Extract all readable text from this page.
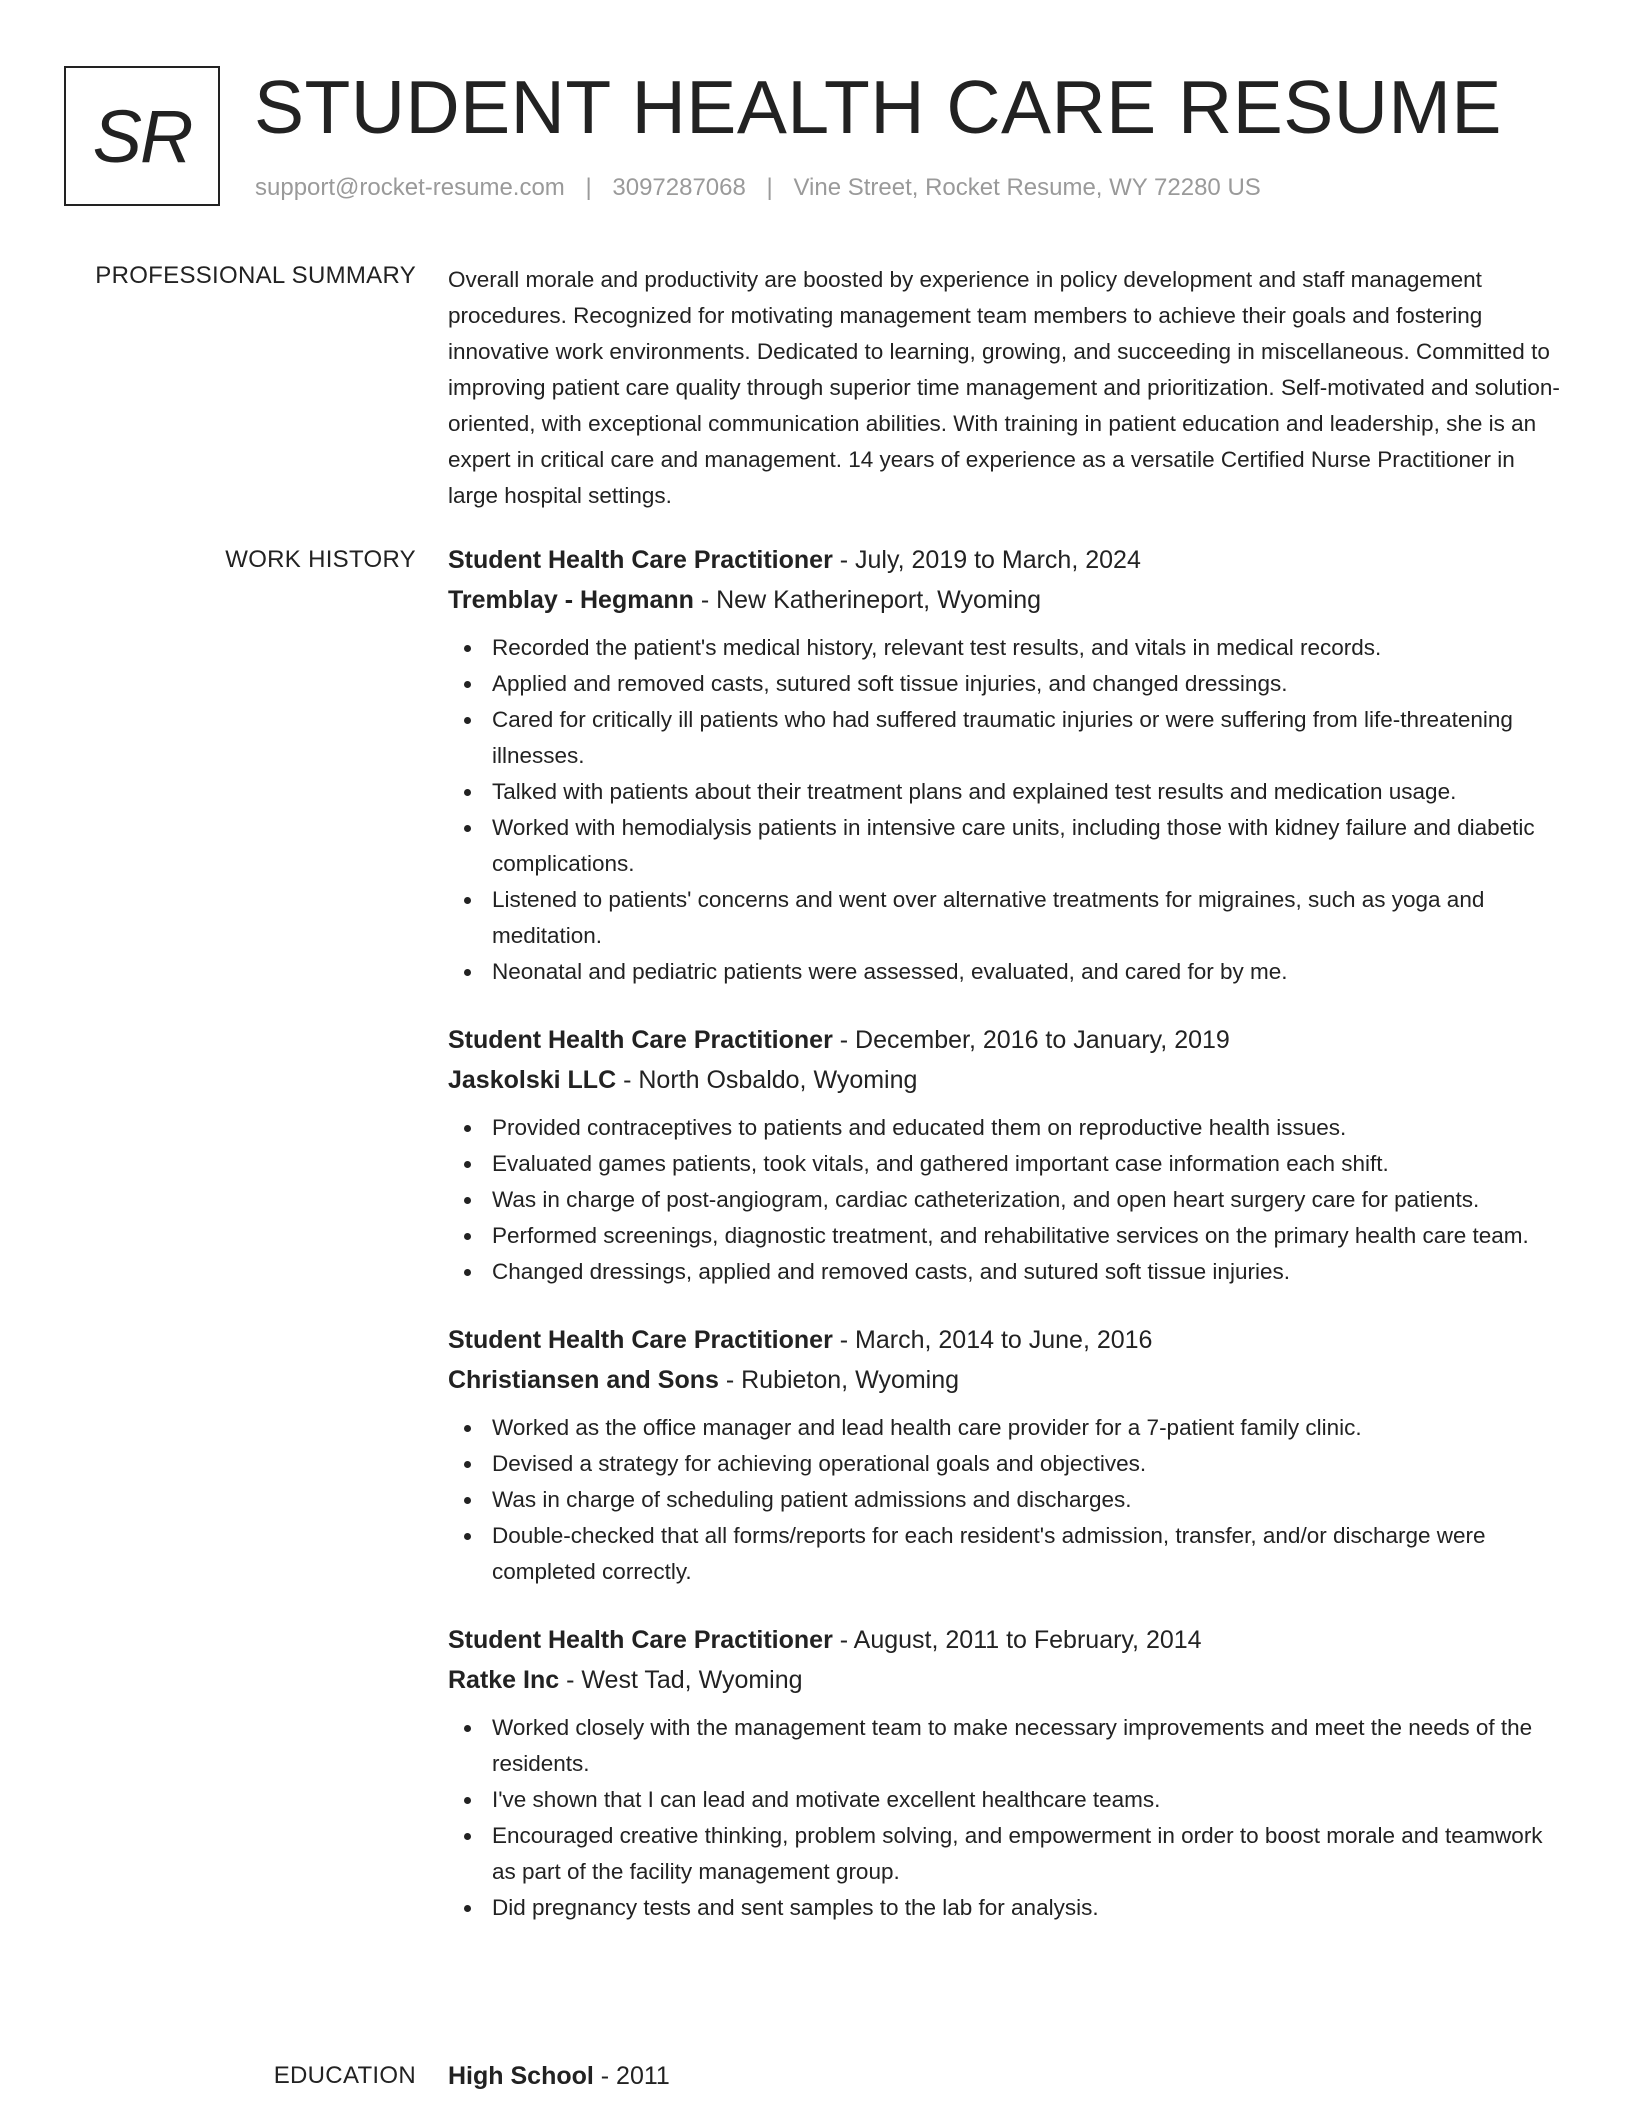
SR STUDENT HEALTH CARE RESUME
support@rocket-resume.com | 3097287068 | Vine Street, Rocket Resume, WY 72280 US
PROFESSIONAL SUMMARY Overall morale and productivity are boosted by experience in policy development and staff management procedures. Recognized for motivating management team members to achieve their goals and fostering innovative work environments. Dedicated to learning, growing, and succeeding in miscellaneous. Committed to improving patient care quality through superior time management and prioritization. Self-motivated and solution-oriented, with exceptional communication abilities. With training in patient education and leadership, she is an expert in critical care and management. 14 years of experience as a versatile Certified Nurse Practitioner in large hospital settings.

WORK HISTORY Student Health Care Practitioner - July, 2019 to March, 2024
Tremblay - Hegmann - New Katherineport, Wyoming
Recorded the patient's medical history, relevant test results, and vitals in medical records.
Applied and removed casts, sutured soft tissue injuries, and changed dressings.
Cared for critically ill patients who had suffered traumatic injuries or were suffering from life-threatening illnesses.
Talked with patients about their treatment plans and explained test results and medication usage.
Worked with hemodialysis patients in intensive care units, including those with kidney failure and diabetic complications.
Listened to patients' concerns and went over alternative treatments for migraines, such as yoga and meditation.
Neonatal and pediatric patients were assessed, evaluated, and cared for by me.
Student Health Care Practitioner - December, 2016 to January, 2019
Jaskolski LLC - North Osbaldo, Wyoming
Provided contraceptives to patients and educated them on reproductive health issues.
Evaluated games patients, took vitals, and gathered important case information each shift.
Was in charge of post-angiogram, cardiac catheterization, and open heart surgery care for patients.
Performed screenings, diagnostic treatment, and rehabilitative services on the primary health care team.
Changed dressings, applied and removed casts, and sutured soft tissue injuries.
Student Health Care Practitioner - March, 2014 to June, 2016
Christiansen and Sons - Rubieton, Wyoming
Worked as the office manager and lead health care provider for a 7-patient family clinic.
Devised a strategy for achieving operational goals and objectives.
Was in charge of scheduling patient admissions and discharges.
Double-checked that all forms/reports for each resident's admission, transfer, and/or discharge were completed correctly.
Student Health Care Practitioner - August, 2011 to February, 2014
Ratke Inc - West Tad, Wyoming
Worked closely with the management team to make necessary improvements and meet the needs of the residents.
I've shown that I can lead and motivate excellent healthcare teams.
Encouraged creative thinking, problem solving, and empowerment in order to boost morale and teamwork as part of the facility management group.
Did pregnancy tests and sent samples to the lab for analysis.
EDUCATION High School - 2011
